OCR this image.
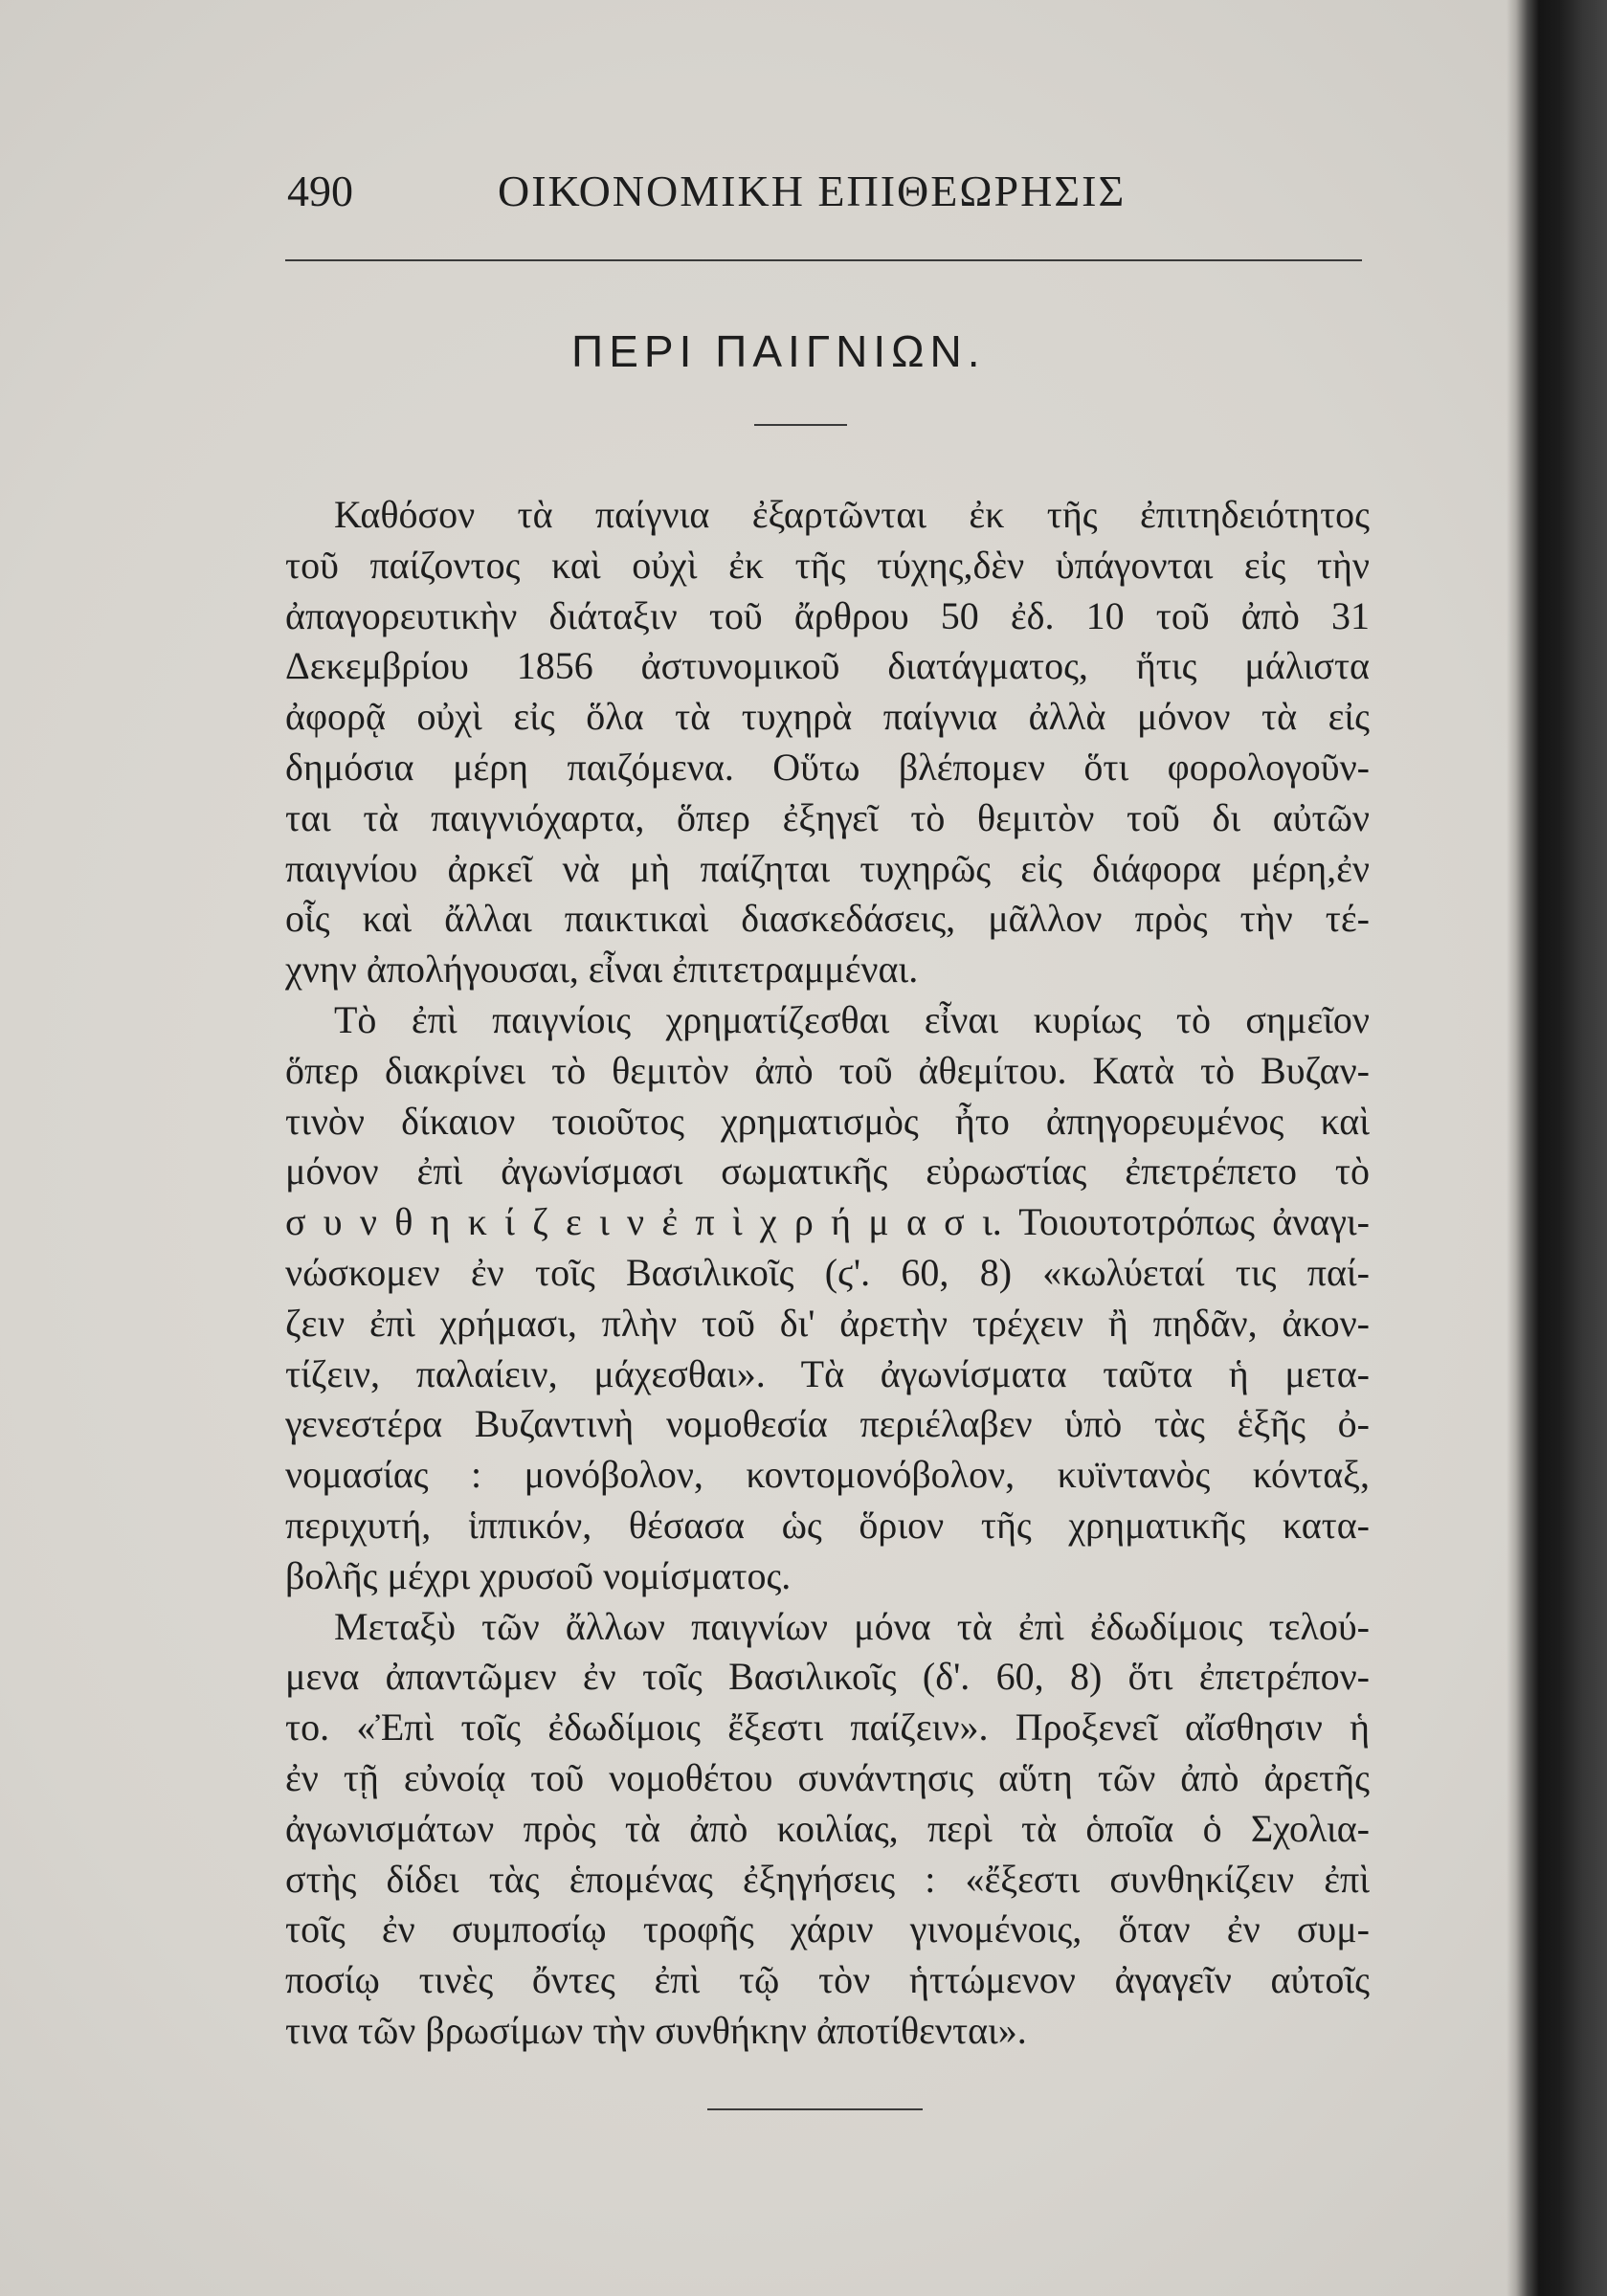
490	ΟΙΚΟΝΟΜΙΚΗ ΕΠΙΘΕΩΡΗΣΙΣ
ΠΕΡΙ ΠΑΙΓΝΙΩΝ.

Καθόσον τὰ παίγνια ἐξαρτῶνται ἐκ τῆς ἐπιτηδειότητος
τοῦ παίζοντος καὶ οὐχὶ ἐκ τῆς τύχης,δὲν ὑπάγονται εἰς τὴν
ἀπαγορευτικὴν διάταξιν τοῦ ἄρθρου 50 ἐδ. 10 τοῦ ἀπὸ 31
Δεκεμβρίου 1856 ἀστυνομικοῦ διατάγματος, ἥτις μάλιστα
ἀφορᾷ οὐχὶ εἰς ὅλα τὰ τυχηρὰ παίγνια ἀλλὰ μόνον τὰ εἰς
δημόσια μέρη παιζόμενα. Οὕτω βλέπομεν ὅτι φορολογοῦν-
ται τὰ παιγνιόχαρτα, ὅπερ ἐξηγεῖ τὸ θεμιτὸν τοῦ δι αὐτῶν
παιγνίου ἀρκεῖ νὰ μὴ παίζηται τυχηρῶς εἰς διάφορα μέρη,ἐν
οἷς καὶ ἄλλαι παικτικαὶ διασκεδάσεις, μᾶλλον πρὸς τὴν τέ-
χνην ἀπολήγουσαι, εἶναι ἐπιτετραμμέναι.

Τὸ ἐπὶ παιγνίοις χρηματίζεσθαι εἶναι κυρίως τὸ σημεῖον
ὅπερ διακρίνει τὸ θεμιτὸν ἀπὸ τοῦ ἀθεμίτου. Κατὰ τὸ Βυζαν-
τινὸν δίκαιον τοιοῦτος χρηματισμὸς ἦτο ἀπηγορευμένος καὶ
μόνον ἐπὶ ἀγωνίσμασι σωματικῆς εὐρωστίας ἐπετρέπετο τὸ
σ υ ν θ η κ ί ζ ε ι ν ἐ π ὶ χ ρ ή μ α σ ι. Τοιουτοτρόπως ἀναγι-
νώσκομεν ἐν τοῖς Βασιλικοῖς (ϛ'. 60, 8) «κωλύεταί τις παί-
ζειν ἐπὶ χρήμασι, πλὴν τοῦ δι' ἀρετὴν τρέχειν ἢ πηδᾶν, ἀκον-
τίζειν, παλαίειν, μάχεσθαι». Τὰ ἀγωνίσματα ταῦτα ἡ μετα-
γενεστέρα Βυζαντινὴ νομοθεσία περιέλαβεν ὑπὸ τὰς ἑξῆς ὀ-
νομασίας : μονόβολον, κοντομονόβολον, κυϊντανὸς κόνταξ,
περιχυτή, ἱππικόν, θέσασα ὡς ὅριον τῆς χρηματικῆς κατα-
βολῆς μέχρι χρυσοῦ νομίσματος.

Μεταξὺ τῶν ἄλλων παιγνίων μόνα τὰ ἐπὶ ἐδωδίμοις τελού-
μενα ἀπαντῶμεν ἐν τοῖς Βασιλικοῖς (δ'. 60, 8) ὅτι ἐπετρέπον-
το. «Ἐπὶ τοῖς ἐδωδίμοις ἔξεστι παίζειν». Προξενεῖ αἴσθησιν ἡ
ἐν τῇ εὐνοίᾳ τοῦ νομοθέτου συνάντησις αὕτη τῶν ἀπὸ ἀρετῆς
ἀγωνισμάτων πρὸς τὰ ἀπὸ κοιλίας, περὶ τὰ ὁποῖα ὁ Σχολια-
στὴς δίδει τὰς ἑπομένας ἐξηγήσεις : «ἔξεστι συνθηκίζειν ἐπὶ
τοῖς ἐν συμποσίῳ τροφῆς χάριν γινομένοις, ὅταν ἐν συμ-
ποσίῳ τινὲς ὄντες ἐπὶ τῷ τὸν ἡττώμενον ἀγαγεῖν αὐτοῖς
τινα τῶν βρωσίμων τὴν συνθήκην ἀποτίθενται».
